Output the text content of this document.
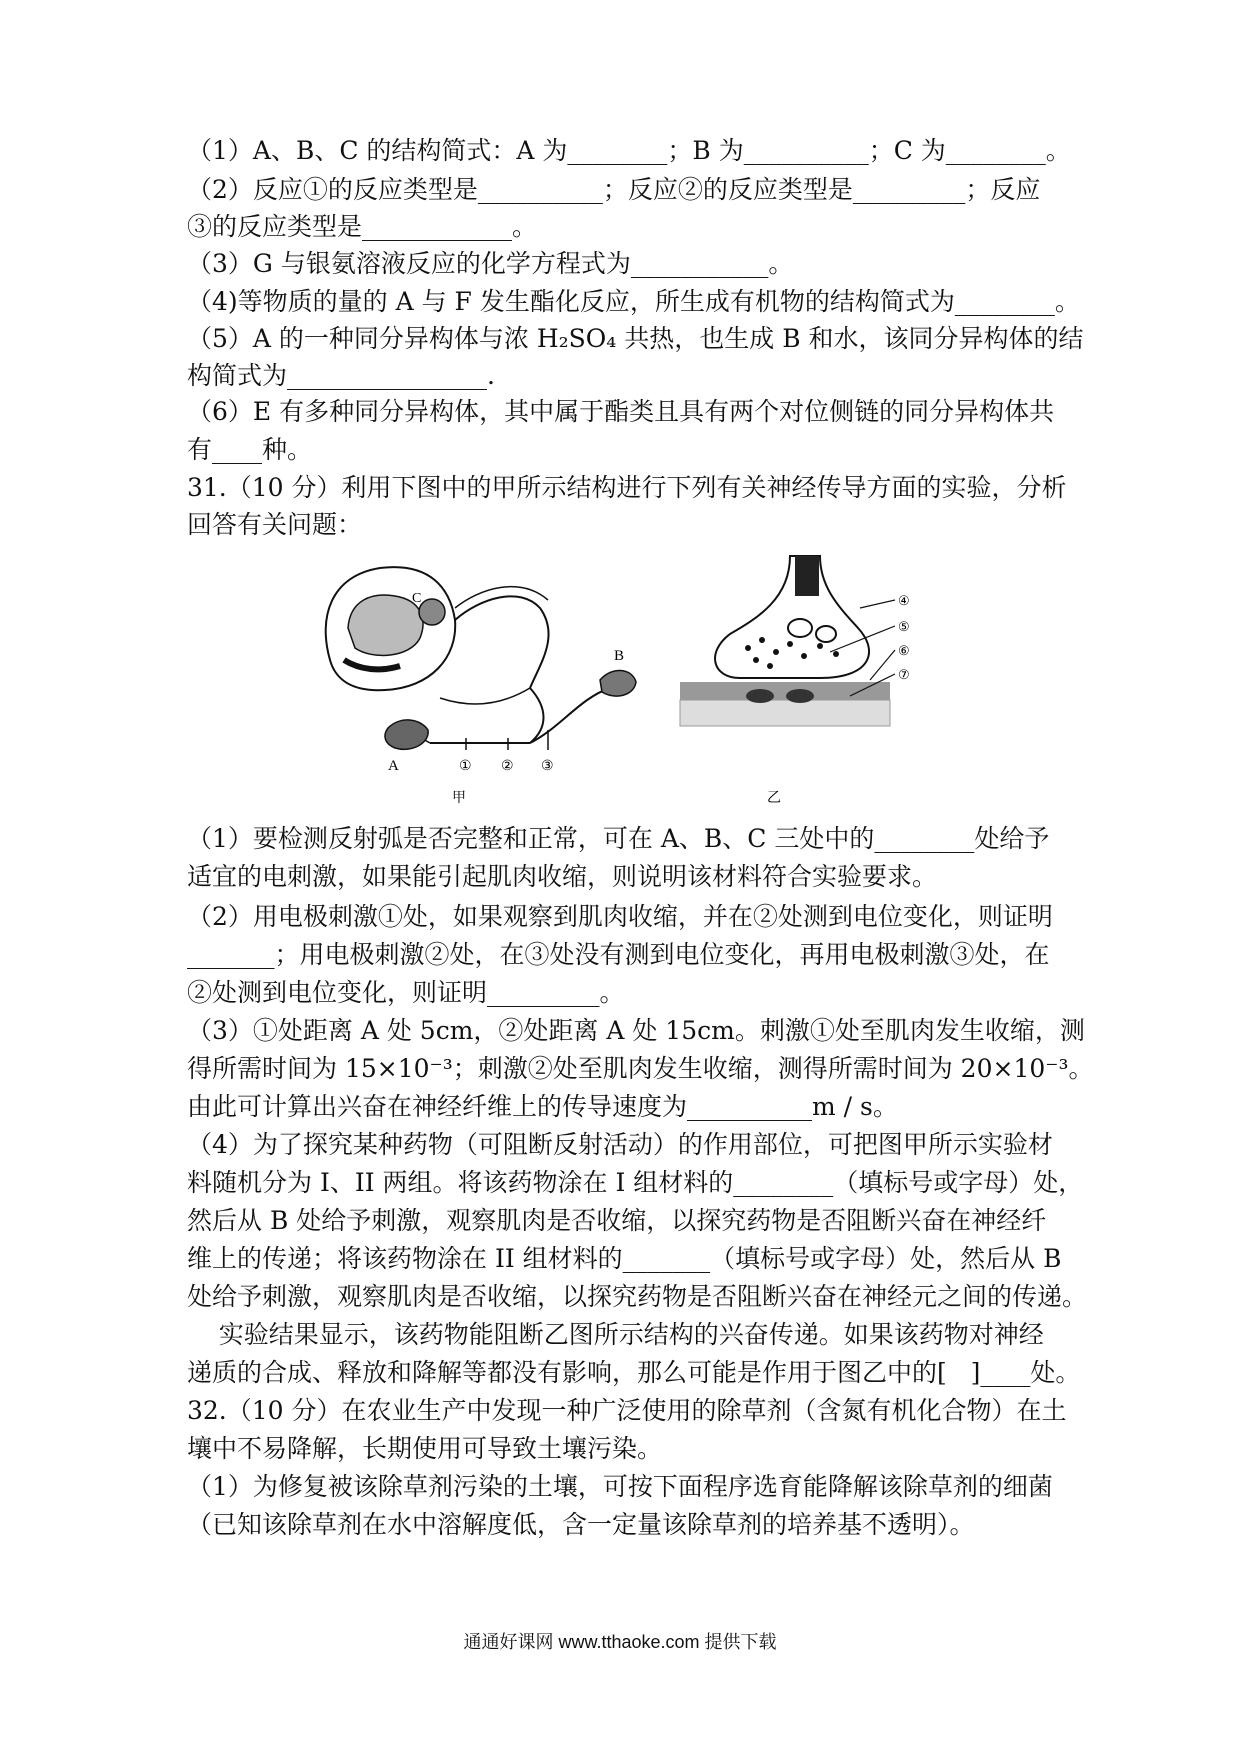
（1）A、B、C 的结构简式：A 为________；B 为__________；C 为________。
（2）反应①的反应类型是__________；反应②的反应类型是_________；反应
③的反应类型是____________。
（3）G 与银氨溶液反应的化学方程式为___________。
（4)等物质的量的 A 与 F 发生酯化反应，所生成有机物的结构简式为________。
（5）A 的一种同分异构体与浓 H₂SO₄ 共热，也生成 B 和水，该同分异构体的结
构简式为________________.
（6）E 有多种同分异构体，其中属于酯类且具有两个对位侧链的同分异构体共
有____种。
31.（10 分）利用下图中的甲所示结构进行下列有关神经传导方面的实验，分析
回答有关问题：
C
A
B
① ② ③
甲
④
⑤
⑥
⑦
乙
（1）要检测反射弧是否完整和正常，可在 A、B、C 三处中的________处给予
适宜的电刺激，如果能引起肌肉收缩，则说明该材料符合实验要求。
（2）用电极刺激①处，如果观察到肌肉收缩，并在②处测到电位变化，则证明
_______；用电极刺激②处，在③处没有测到电位变化，再用电极刺激③处，在
②处测到电位变化，则证明_________。
（3）①处距离 A 处 5cm，②处距离 A 处 15cm。刺激①处至肌肉发生收缩，测
得所需时间为 15×10⁻³；刺激②处至肌肉发生收缩，测得所需时间为 20×10⁻³。
由此可计算出兴奋在神经纤维上的传导速度为__________m / s。
（4）为了探究某种药物（可阻断反射活动）的作用部位，可把图甲所示实验材
料随机分为 I、II 两组。将该药物涂在 I 组材料的________（填标号或字母）处，
然后从 B 处给予刺激，观察肌肉是否收缩，以探究药物是否阻断兴奋在神经纤
维上的传递；将该药物涂在 II 组材料的_______（填标号或字母）处，然后从 B
处给予刺激，观察肌肉是否收缩，以探究药物是否阻断兴奋在神经元之间的传递。
实验结果显示，该药物能阻断乙图所示结构的兴奋传递。如果该药物对神经
递质的合成、释放和降解等都没有影响，那么可能是作用于图乙中的[   ]____处。
32.（10 分）在农业生产中发现一种广泛使用的除草剂（含氮有机化合物）在土
壤中不易降解，长期使用可导致土壤污染。
（1）为修复被该除草剂污染的土壤，可按下面程序选育能降解该除草剂的细菌
（已知该除草剂在水中溶解度低，含一定量该除草剂的培养基不透明）。
通通好课网 www.tthaoke.com 提供下载
